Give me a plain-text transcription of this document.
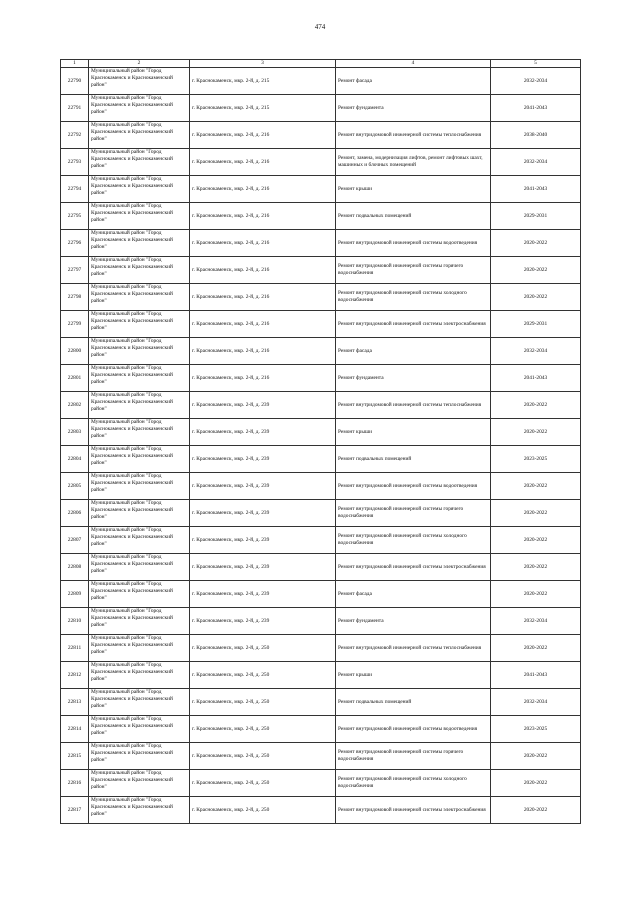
474
1	2	3	4	5
22790	Муниципальный район "Город Краснокаменск и Краснокаменский район"	г. Краснокаменск, мкр. 2-й, д. 215	Ремонт фасада	2032-2034
22791	Муниципальный район "Город Краснокаменск и Краснокаменский район"	г. Краснокаменск, мкр. 2-й, д. 215	Ремонт фундамента	2041-2043
22792	Муниципальный район "Город Краснокаменск и Краснокаменский район"	г. Краснокаменск, мкр. 2-й, д. 216	Ремонт внутридомовой инженерной системы теплоснабжения	2038-2040
22793	Муниципальный район "Город Краснокаменск и Краснокаменский район"	г. Краснокаменск, мкр. 2-й, д. 216	Ремонт, замена, модернизация лифтов, ремонт лифтовых шахт, машинных и блочных помещений	2032-2034
22794	Муниципальный район "Город Краснокаменск и Краснокаменский район"	г. Краснокаменск, мкр. 2-й, д. 216	Ремонт крыши	2041-2043
22795	Муниципальный район "Город Краснокаменск и Краснокаменский район"	г. Краснокаменск, мкр. 2-й, д. 216	Ремонт подвальных помещений	2029-2031
22796	Муниципальный район "Город Краснокаменск и Краснокаменский район"	г. Краснокаменск, мкр. 2-й, д. 216	Ремонт внутридомовой инженерной системы водоотведения	2020-2022
22797	Муниципальный район "Город Краснокаменск и Краснокаменский район"	г. Краснокаменск, мкр. 2-й, д. 216	Ремонт внутридомовой инженерной системы горячего водоснабжения	2020-2022
22798	Муниципальный район "Город Краснокаменск и Краснокаменский район"	г. Краснокаменск, мкр. 2-й, д. 216	Ремонт внутридомовой инженерной системы холодного водоснабжения	2020-2022
22799	Муниципальный район "Город Краснокаменск и Краснокаменский район"	г. Краснокаменск, мкр. 2-й, д. 216	Ремонт внутридомовой инженерной системы электроснабжения	2029-2031
22800	Муниципальный район "Город Краснокаменск и Краснокаменский район"	г. Краснокаменск, мкр. 2-й, д. 216	Ремонт фасада	2032-2034
22801	Муниципальный район "Город Краснокаменск и Краснокаменский район"	г. Краснокаменск, мкр. 2-й, д. 216	Ремонт фундамента	2041-2043
22802	Муниципальный район "Город Краснокаменск и Краснокаменский район"	г. Краснокаменск, мкр. 2-й, д. 239	Ремонт внутридомовой инженерной системы теплоснабжения	2020-2022
22803	Муниципальный район "Город Краснокаменск и Краснокаменский район"	г. Краснокаменск, мкр. 2-й, д. 239	Ремонт крыши	2020-2022
22804	Муниципальный район "Город Краснокаменск и Краснокаменский район"	г. Краснокаменск, мкр. 2-й, д. 239	Ремонт подвальных помещений	2023-2025
22805	Муниципальный район "Город Краснокаменск и Краснокаменский район"	г. Краснокаменск, мкр. 2-й, д. 239	Ремонт внутридомовой инженерной системы водоотведения	2020-2022
22806	Муниципальный район "Город Краснокаменск и Краснокаменский район"	г. Краснокаменск, мкр. 2-й, д. 239	Ремонт внутридомовой инженерной системы горячего водоснабжения	2020-2022
22807	Муниципальный район "Город Краснокаменск и Краснокаменский район"	г. Краснокаменск, мкр. 2-й, д. 239	Ремонт внутридомовой инженерной системы холодного водоснабжения	2020-2022
22808	Муниципальный район "Город Краснокаменск и Краснокаменский район"	г. Краснокаменск, мкр. 2-й, д. 239	Ремонт внутридомовой инженерной системы электроснабжения	2020-2022
22809	Муниципальный район "Город Краснокаменск и Краснокаменский район"	г. Краснокаменск, мкр. 2-й, д. 239	Ремонт фасада	2020-2022
22810	Муниципальный район "Город Краснокаменск и Краснокаменский район"	г. Краснокаменск, мкр. 2-й, д. 239	Ремонт фундамента	2032-2034
22811	Муниципальный район "Город Краснокаменск и Краснокаменский район"	г. Краснокаменск, мкр. 2-й, д. 250	Ремонт внутридомовой инженерной системы теплоснабжения	2020-2022
22812	Муниципальный район "Город Краснокаменск и Краснокаменский район"	г. Краснокаменск, мкр. 2-й, д. 250	Ремонт крыши	2041-2043
22813	Муниципальный район "Город Краснокаменск и Краснокаменский район"	г. Краснокаменск, мкр. 2-й, д. 250	Ремонт подвальных помещений	2032-2034
22814	Муниципальный район "Город Краснокаменск и Краснокаменский район"	г. Краснокаменск, мкр. 2-й, д. 250	Ремонт внутридомовой инженерной системы водоотведения	2023-2025
22815	Муниципальный район "Город Краснокаменск и Краснокаменский район"	г. Краснокаменск, мкр. 2-й, д. 250	Ремонт внутридомовой инженерной системы горячего водоснабжения	2020-2022
22816	Муниципальный район "Город Краснокаменск и Краснокаменский район"	г. Краснокаменск, мкр. 2-й, д. 250	Ремонт внутридомовой инженерной системы холодного водоснабжения	2020-2022
22817	Муниципальный район "Город Краснокаменск и Краснокаменский район"	г. Краснокаменск, мкр. 2-й, д. 250	Ремонт внутридомовой инженерной системы электроснабжения	2020-2022
